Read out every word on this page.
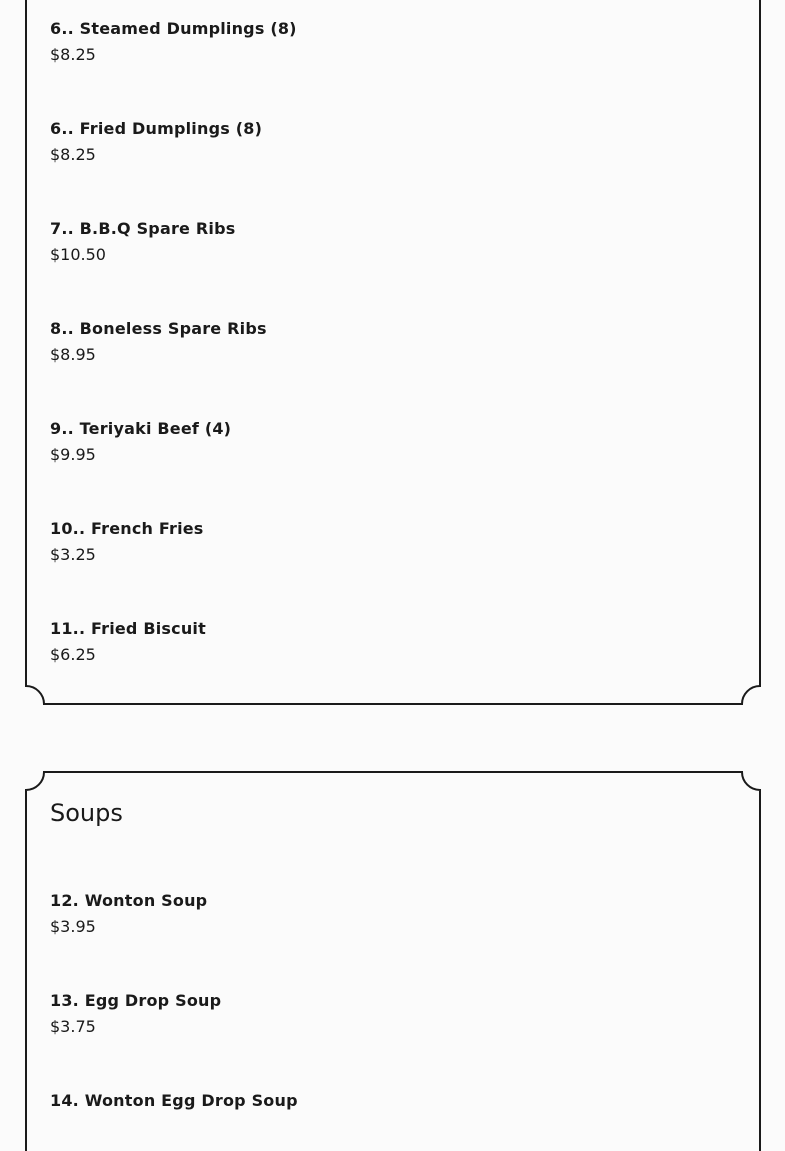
6.. Steamed Dumplings (8)
$8.25
6.. Fried Dumplings (8)
$8.25
7.. B.B.Q Spare Ribs
$10.50
8.. Boneless Spare Ribs
$8.95
9.. Teriyaki Beef (4)
$9.95
10.. French Fries
$3.25
11.. Fried Biscuit
$6.25
Soups
12. Wonton Soup
$3.95
13. Egg Drop Soup
$3.75
14. Wonton Egg Drop Soup
